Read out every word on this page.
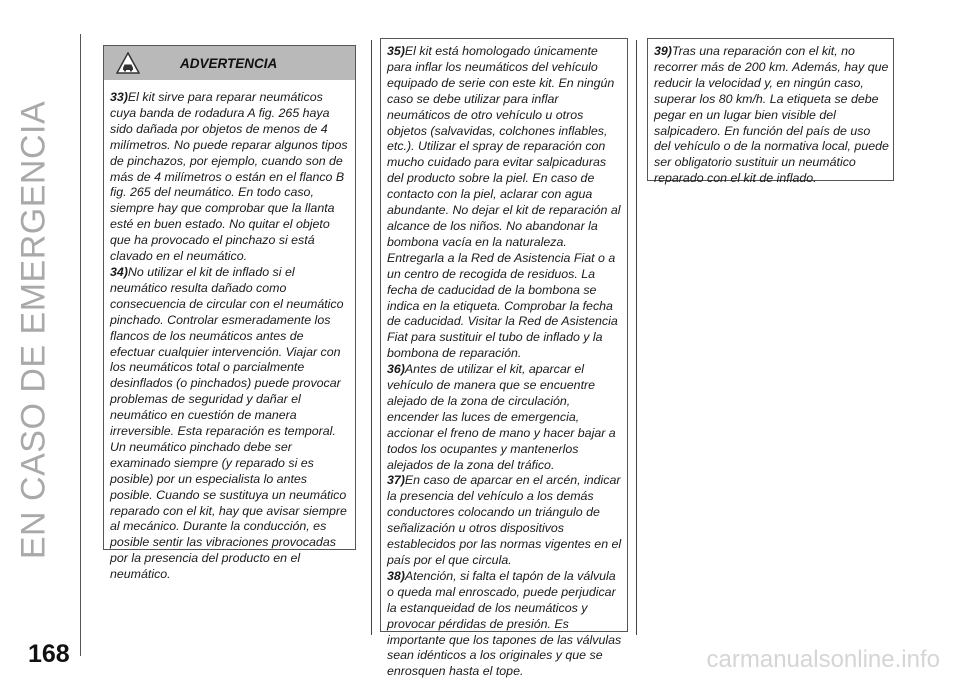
EN CASO DE EMERGENCIA
ADVERTENCIA

33)El kit sirve para reparar neumáticos cuya banda de rodadura A fig. 265 haya sido dañada por objetos de menos de 4 milímetros. No puede reparar algunos tipos de pinchazos, por ejemplo, cuando son de más de 4 milímetros o están en el flanco B fig. 265 del neumático. En todo caso, siempre hay que comprobar que la llanta esté en buen estado. No quitar el objeto que ha provocado el pinchazo si está clavado en el neumático.

34)No utilizar el kit de inflado si el neumático resulta dañado como consecuencia de circular con el neumático pinchado. Controlar esmeradamente los flancos de los neumáticos antes de efectuar cualquier intervención. Viajar con los neumáticos total o parcialmente desinflados (o pinchados) puede provocar problemas de seguridad y dañar el neumático en cuestión de manera irreversible. Esta reparación es temporal. Un neumático pinchado debe ser examinado siempre (y reparado si es posible) por un especialista lo antes posible. Cuando se sustituya un neumático reparado con el kit, hay que avisar siempre al mecánico. Durante la conducción, es posible sentir las vibraciones provocadas por la presencia del producto en el neumático.

35)El kit está homologado únicamente para inflar los neumáticos del vehículo equipado de serie con este kit. En ningún caso se debe utilizar para inflar neumáticos de otro vehículo u otros objetos (salvavidas, colchones inflables, etc.). Utilizar el spray de reparación con mucho cuidado para evitar salpicaduras del producto sobre la piel. En caso de contacto con la piel, aclarar con agua abundante. No dejar el kit de reparación al alcance de los niños. No abandonar la bombona vacía en la naturaleza. Entregarla a la Red de Asistencia Fiat o a un centro de recogida de residuos. La fecha de caducidad de la bombona se indica en la etiqueta. Comprobar la fecha de caducidad. Visitar la Red de Asistencia Fiat para sustituir el tubo de inflado y la bombona de reparación.

36)Antes de utilizar el kit, aparcar el vehículo de manera que se encuentre alejado de la zona de circulación, encender las luces de emergencia, accionar el freno de mano y hacer bajar a todos los ocupantes y mantenerlos alejados de la zona del tráfico.

37)En caso de aparcar en el arcén, indicar la presencia del vehículo a los demás conductores colocando un triángulo de señalización u otros dispositivos establecidos por las normas vigentes en el país por el que circula.

38)Atención, si falta el tapón de la válvula o queda mal enroscado, puede perjudicar la estanqueidad de los neumáticos y provocar pérdidas de presión. Es importante que los tapones de las válvulas sean idénticos a los originales y que se enrosquen hasta el tope.

39)Tras una reparación con el kit, no recorrer más de 200 km. Además, hay que reducir la velocidad y, en ningún caso, superar los 80 km/h. La etiqueta se debe pegar en un lugar bien visible del salpicadero. En función del país de uso del vehículo o de la normativa local, puede ser obligatorio sustituir un neumático reparado con el kit de inflado.

168	carmanualsonline.info
